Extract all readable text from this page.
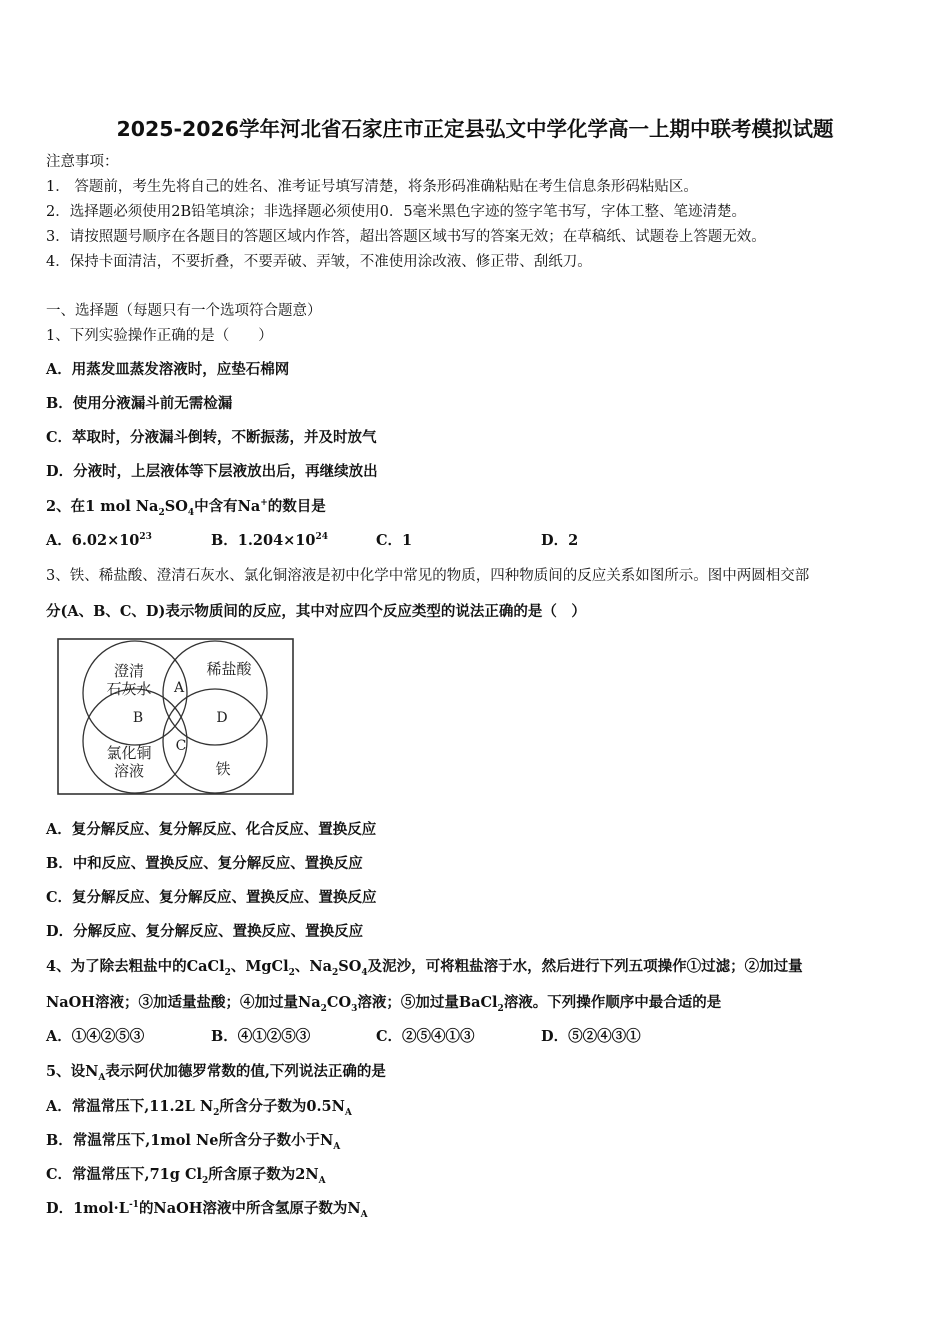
2025-2026学年河北省石家庄市正定县弘文中学化学高一上期中联考模拟试题
注意事项：
1． 答题前，考生先将自己的姓名、准考证号填写清楚，将条形码准确粘贴在考生信息条形码粘贴区。
2．选择题必须使用2B铅笔填涂；非选择题必须使用0．5毫米黑色字迹的签字笔书写，字体工整、笔迹清楚。
3．请按照题号顺序在各题目的答题区域内作答，超出答题区域书写的答案无效；在草稿纸、试题卷上答题无效。
4．保持卡面清洁，不要折叠，不要弄破、弄皱，不准使用涂改液、修正带、刮纸刀。
一、选择题（每题只有一个选项符合题意）
1、下列实验操作正确的是（　　）
A．用蒸发皿蒸发溶液时，应垫石棉网
B．使用分液漏斗前无需检漏
C．萃取时，分液漏斗倒转，不断振荡，并及时放气
D．分液时，上层液体等下层液放出后，再继续放出
2、在1 mol $Na_2SO_4$中含有Na+的数目是
A．$6.02\times 10^{23}$	B．$1.204\times 10^{24}$	C．1	D．2
3、铁、稀盐酸、澄清石灰水、氯化铜溶液是初中化学中常见的物质，四种物质间的反应关系如图所示。图中两圆相交部
分(A、B、C、D)表示物质间的反应，其中对应四个反应类型的说法正确的是（　）
澄清
石灰水
稀盐酸
氯化铜
溶液	铁
A
B
C
D
A．复分解反应、复分解反应、化合反应、置换反应
B．中和反应、置换反应、复分解反应、置换反应
C．复分解反应、复分解反应、置换反应、置换反应
D．分解反应、复分解反应、置换反应、置换反应
4、为了除去粗盐中的CaCl$_2$、MgCl$_2$、$Na_2SO_4$及泥沙，可将粗盐溶于水，然后进行下列五项操作①过滤；②加过量
NaOH溶液；③加适量盐酸；④加过量$Na_2CO_3$溶液；⑤加过量BaCl$_2$溶液。下列操作顺序中最合适的是
A．①④②⑤③	B．④①②⑤③	C．②⑤④①③	D．⑤②④③①
5、设$N_A$表示阿伏加德罗常数的值,下列说法正确的是
A．常温常压下,11.2L $N_2$所含分子数为$0.5N_A$
B．常温常压下,1mol Ne所含分子数小于$N_A$
C．常温常压下,71g $Cl_2$所含原子数为$2N_A$
D．$1mol\cdot L^{-1}$的NaOH溶液中所含氢原子数为$N_A$
